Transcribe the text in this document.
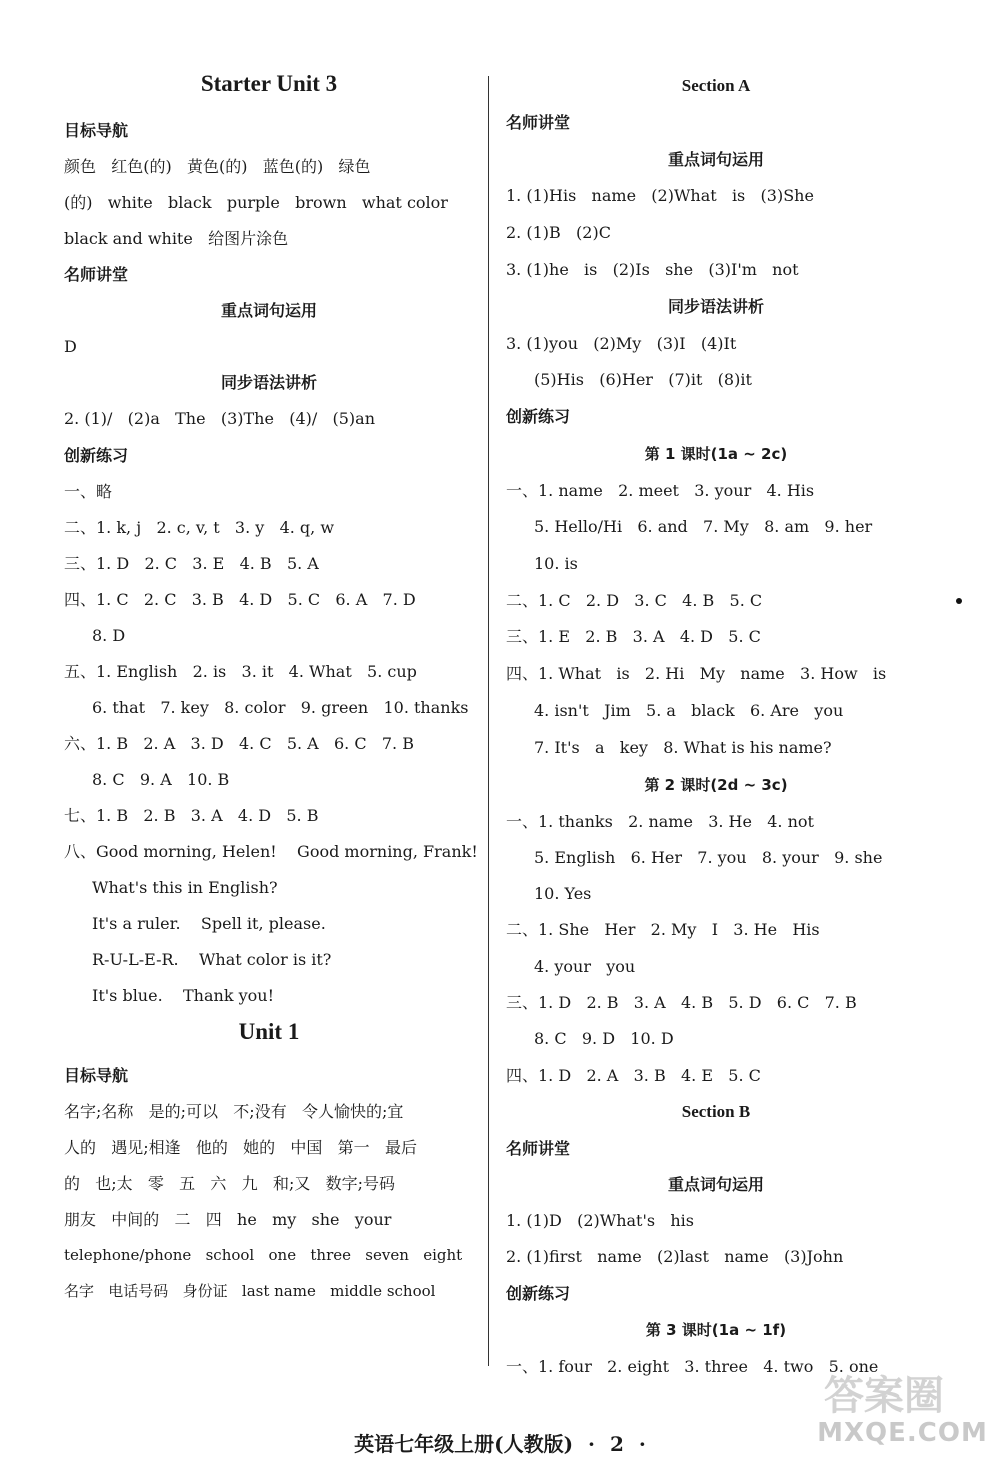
Starter Unit 3
目标导航
颜色   红色(的)   黄色(的)   蓝色(的)   绿色
(的)   white   black   purple   brown   what color
black and white   给图片涂色
名师讲堂
重点词句运用
D
同步语法讲析
2. (1)/   (2)a   The   (3)The   (4)/   (5)an
创新练习
一、略
二、1. k, j   2. c, v, t   3. y   4. q, w
三、1. D   2. C   3. E   4. B   5. A
四、1. C   2. C   3. B   4. D   5. C   6. A   7. D
8. D
五、1. English   2. is   3. it   4. What   5. cup
6. that   7. key   8. color   9. green   10. thanks
六、1. B   2. A   3. D   4. C   5. A   6. C   7. B
8. C   9. A   10. B
七、1. B   2. B   3. A   4. D   5. B
八、Good morning, Helen!    Good morning, Frank!
What's this in English?
It's a ruler.    Spell it, please.
R-U-L-E-R.    What color is it?
It's blue.    Thank you!
Unit 1
目标导航
名字;名称   是的;可以   不;没有   令人愉快的;宜
人的   遇见;相逢   他的   她的   中国   第一   最后
的   也;太   零   五   六   九   和;又   数字;号码
朋友   中间的   二   四   he   my   she   your
telephone/phone   school   one   three   seven   eight
名字   电话号码   身份证   last name   middle school
Section A
名师讲堂
重点词句运用
1. (1)His   name   (2)What   is   (3)She
2. (1)B   (2)C
3. (1)he   is   (2)Is   she   (3)I'm   not
同步语法讲析
3. (1)you   (2)My   (3)I   (4)It
(5)His   (6)Her   (7)it   (8)it
创新练习
第 1 课时(1a ~ 2c)
一、1. name   2. meet   3. your   4. His
5. Hello/Hi   6. and   7. My   8. am   9. her
10. is
二、1. C   2. D   3. C   4. B   5. C
三、1. E   2. B   3. A   4. D   5. C
四、1. What   is   2. Hi   My   name   3. How   is
4. isn't   Jim   5. a   black   6. Are   you
7. It's   a   key   8. What is his name?
第 2 课时(2d ~ 3c)
一、1. thanks   2. name   3. He   4. not
5. English   6. Her   7. you   8. your   9. she
10. Yes
二、1. She   Her   2. My   I   3. He   His
4. your   you
三、1. D   2. B   3. A   4. B   5. D   6. C   7. B
8. C   9. D   10. D
四、1. D   2. A   3. B   4. E   5. C
Section B
名师讲堂
重点词句运用
1. (1)D   (2)What's   his
2. (1)first   name   (2)last   name   (3)John
创新练习
第 3 课时(1a ~ 1f)
一、1. four   2. eight   3. three   4. two   5. one
英语七年级上册(人教版) · 2 ·
答案圈
MXQE.COM
